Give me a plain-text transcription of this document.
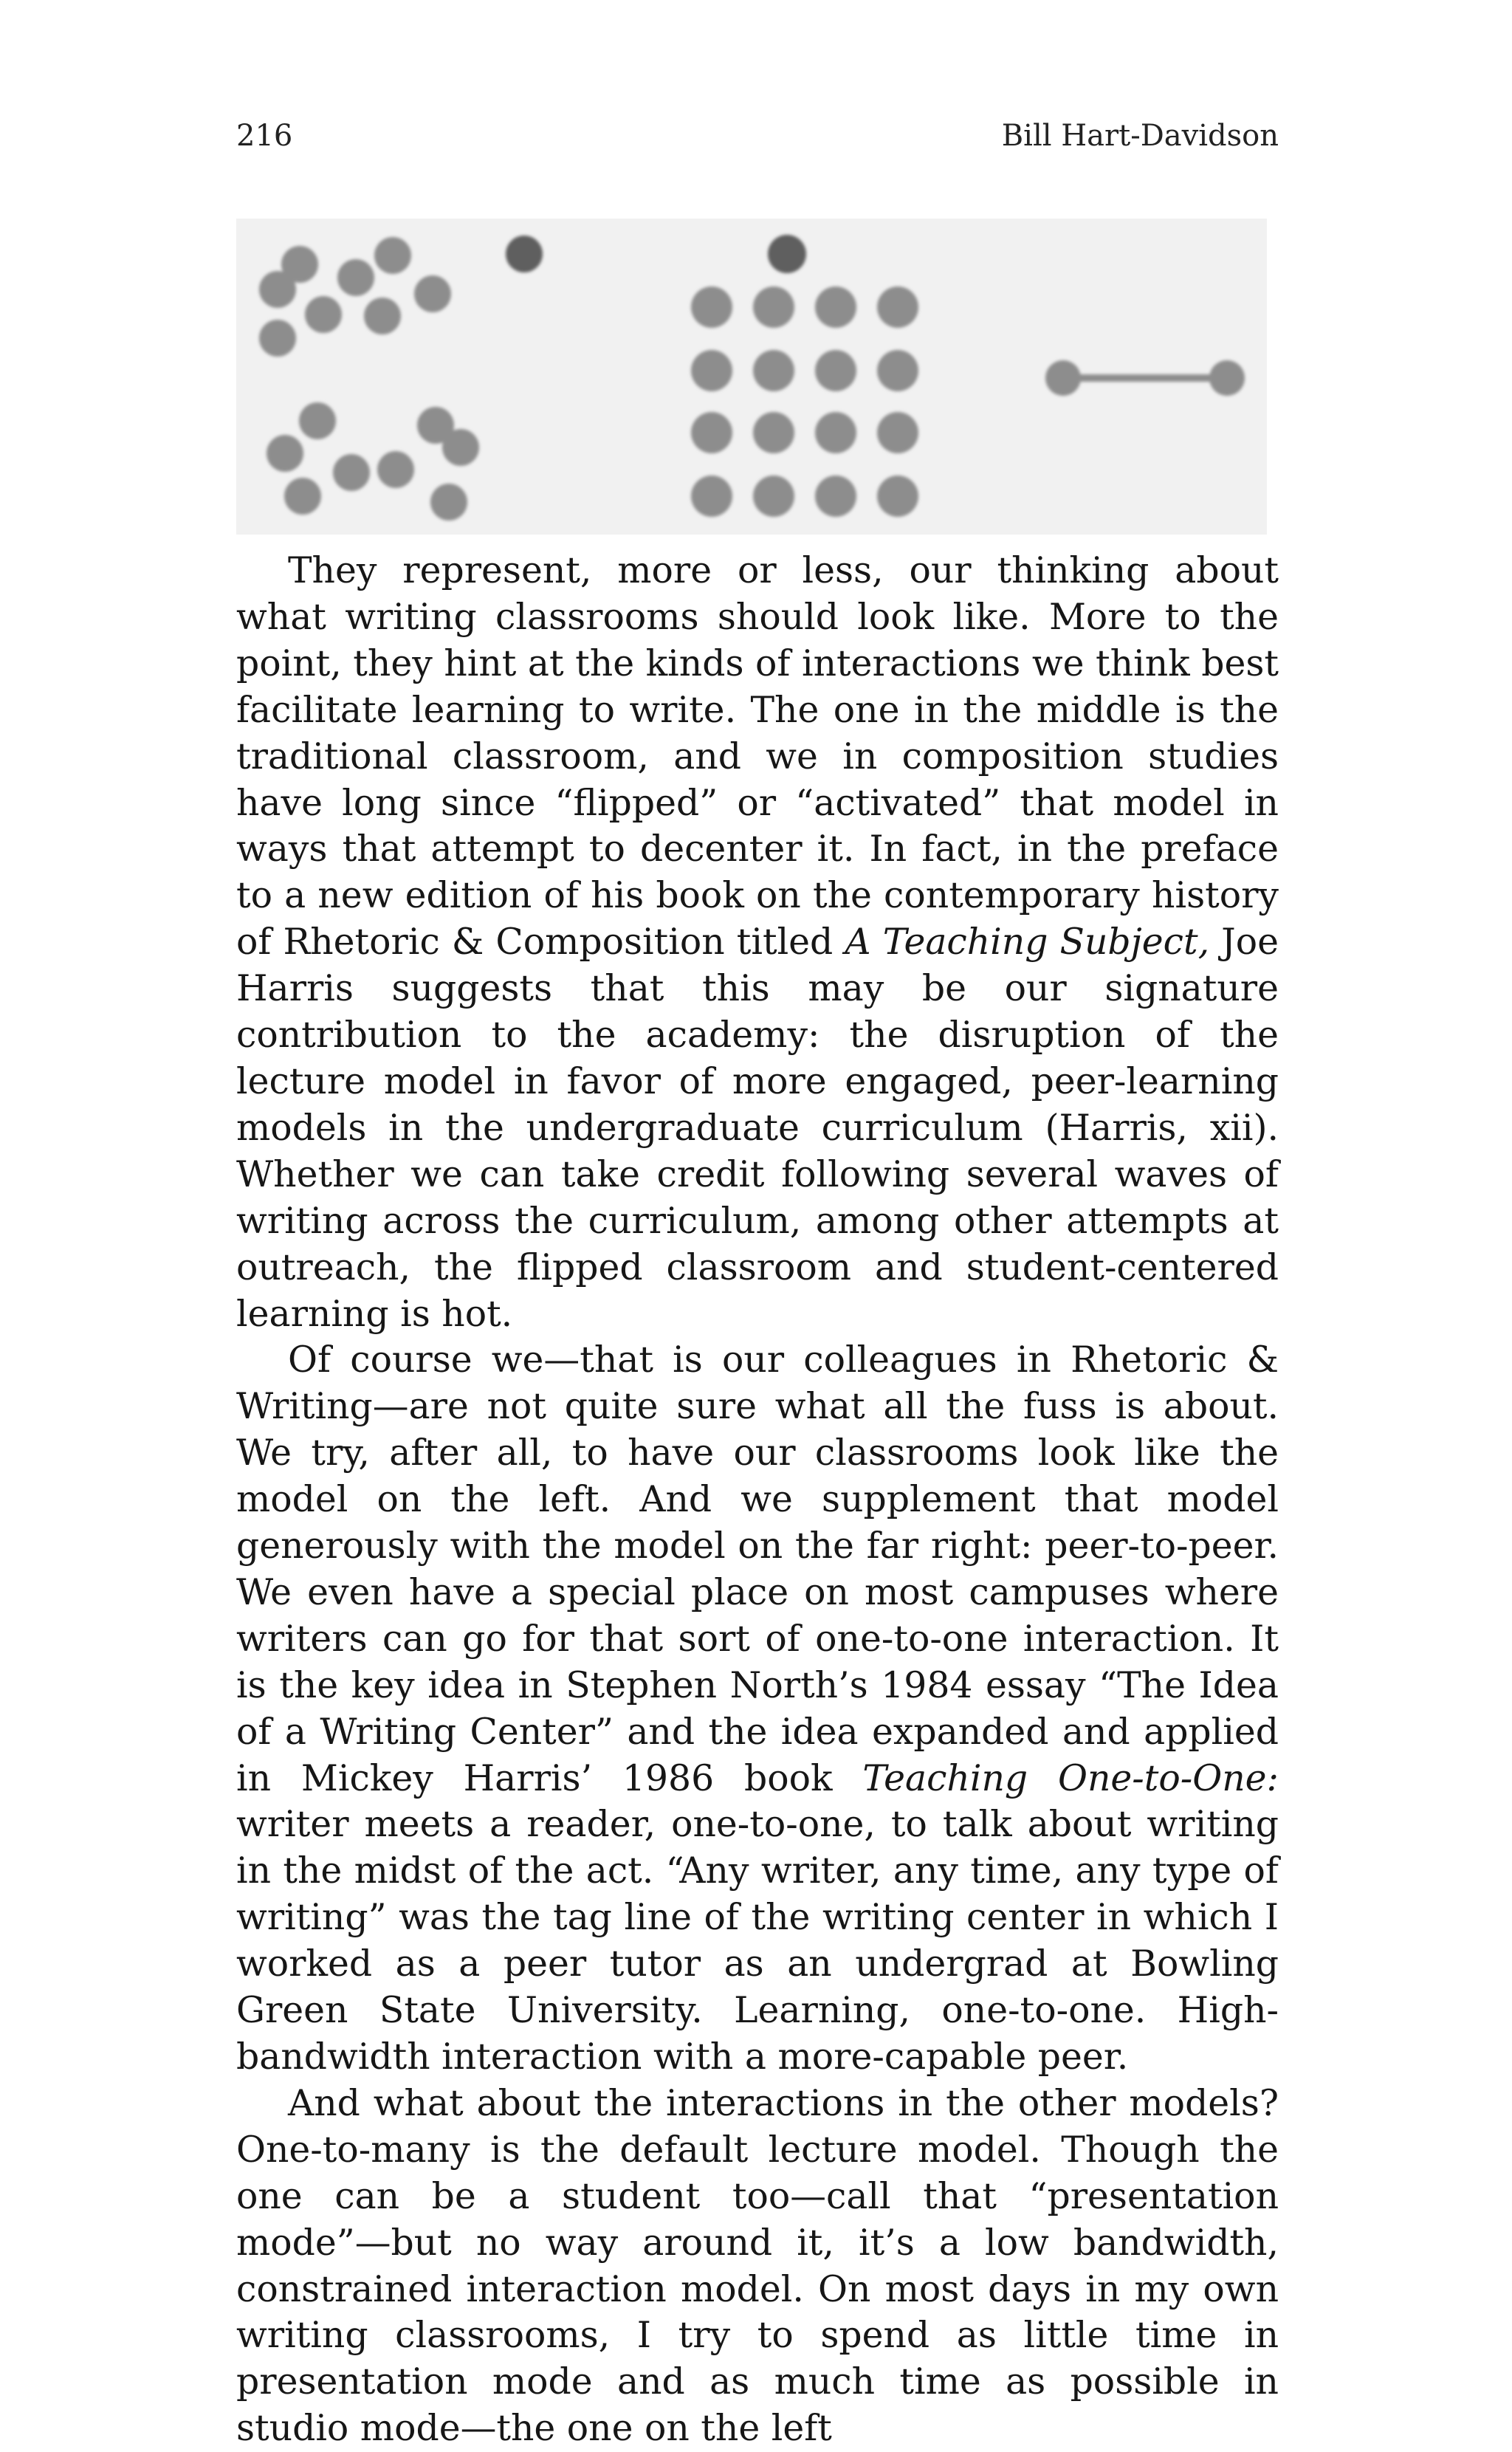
216	Bill Hart-Davidson

They represent, more or less, our thinking about what writing classrooms should look like. More to the point, they hint at the kinds of interactions we think best facilitate learning to write. The one in the middle is the traditional classroom, and we in composition studies have long since “flipped” or “activated” that model in ways that attempt to decenter it. In fact, in the preface to a new edition of his book on the contemporary history of Rhetoric & Composition titled A Teaching Subject, Joe Harris suggests that this may be our signature contribution to the academy: the disruption of the lecture model in favor of more engaged, peer-learning models in the undergraduate curriculum (Harris, xii). Whether we can take credit following several waves of writing across the curriculum, among other attempts at outreach, the flipped classroom and student-centered learning is hot.

Of course we—that is our colleagues in Rhetoric & Writing—are not quite sure what all the fuss is about. We try, after all, to have our classrooms look like the model on the left. And we supplement that model generously with the model on the far right: peer-to-peer. We even have a special place on most campuses where writers can go for that sort of one-to-one interaction. It is the key idea in Stephen North’s 1984 essay “The Idea of a Writing Center” and the idea expanded and applied in Mickey Harris’ 1986 book Teaching One-to-One: writer meets a reader, one-to-one, to talk about writing in the midst of the act. “Any writer, any time, any type of writing” was the tag line of the writing center in which I worked as a peer tutor as an undergrad at Bowling Green State University. Learning, one-to-one. High-bandwidth interaction with a more-capable peer.

And what about the interactions in the other models? One-to-many is the default lecture model. Though the one can be a student too—call that “presentation mode”—but no way around it, it’s a low bandwidth, constrained interaction model. On most days in my own writing classrooms, I try to spend as little time in presentation mode and as much time as possible in studio mode—the one on the left
